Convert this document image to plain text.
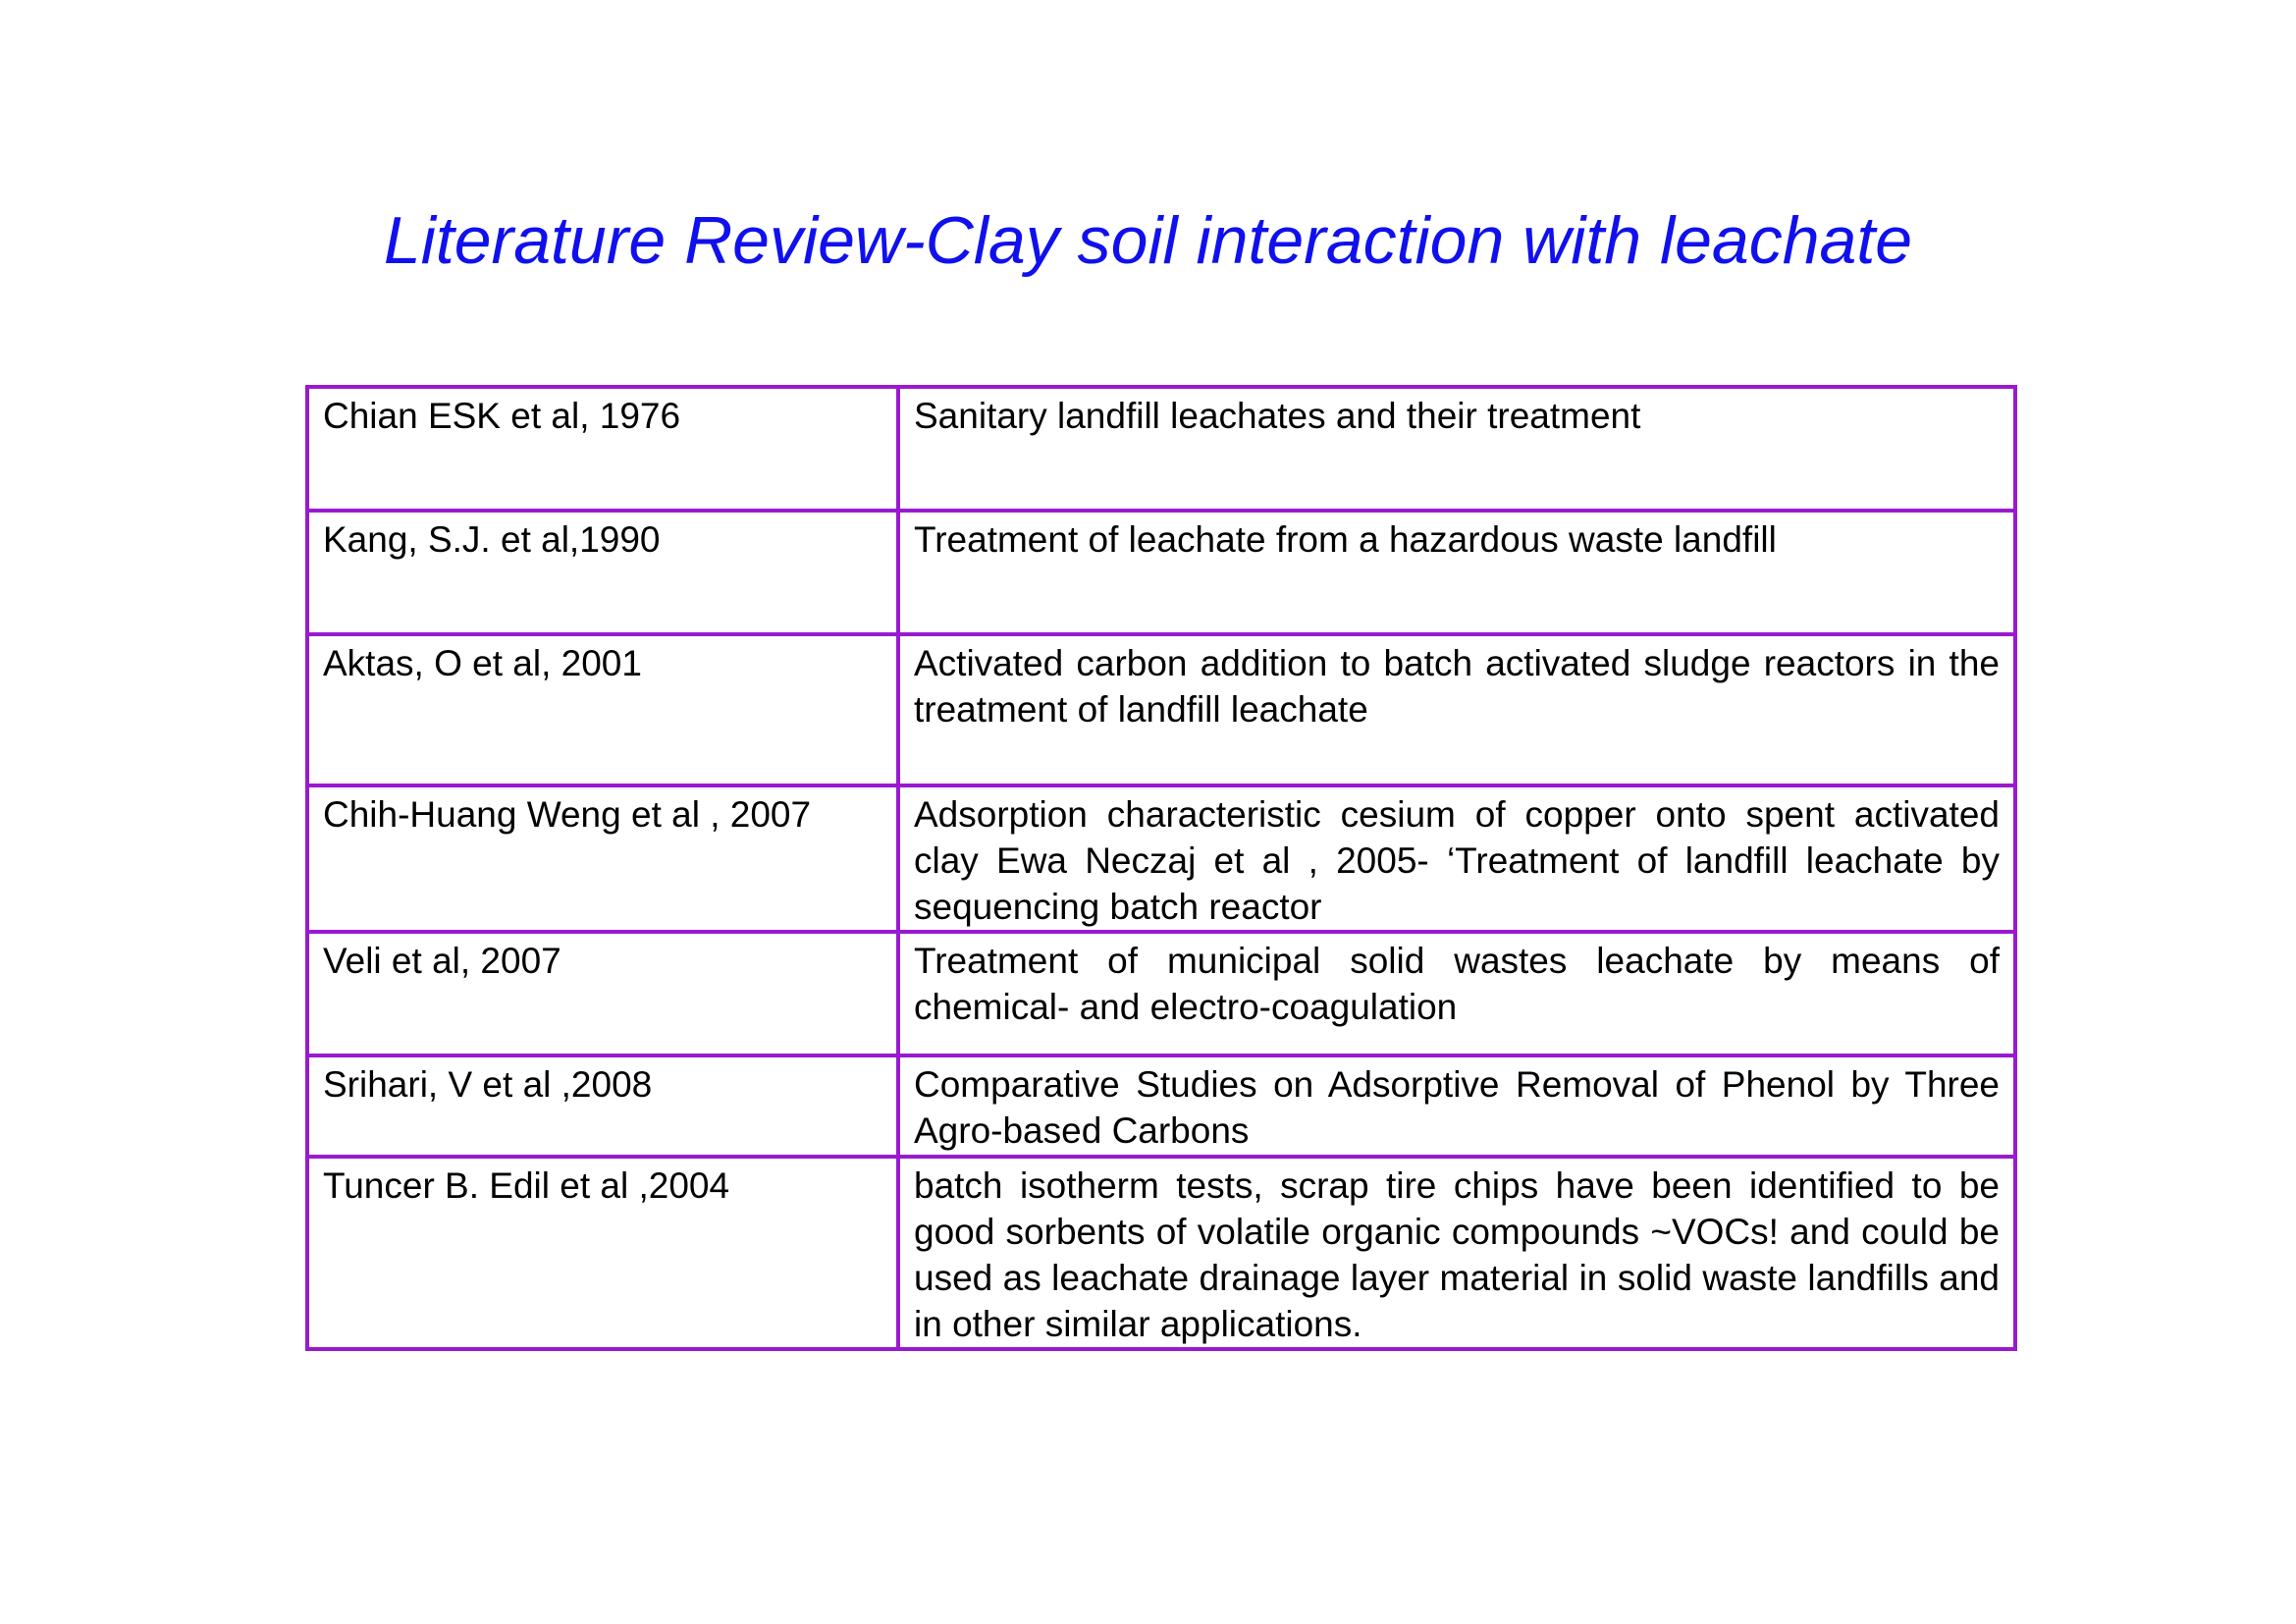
Literature Review-Clay soil interaction with leachate
Chian ESK et al, 1976	Sanitary landfill leachates and their treatment

Kang, S.J. et al,1990	Treatment of leachate from a hazardous waste landfill

Aktas, O et al, 2001	Activated carbon addition to batch activated sludge reactors in the treatment of landfill leachate

Chih-Huang Weng et al , 2007	Adsorption characteristic cesium of copper onto spent activated clay Ewa Neczaj et al , 2005- ‘Treatment of landfill leachate by sequencing batch reactor

Veli et al, 2007	Treatment of municipal solid wastes leachate by means of chemical- and electro-coagulation

Srihari, V et al ,2008	Comparative Studies on Adsorptive Removal of Phenol by Three Agro-based Carbons

Tuncer B. Edil et al ,2004	batch isotherm tests, scrap tire chips have been identified to be good sorbents of volatile organic compounds ~VOCs! and could be used as leachate drainage layer material in solid waste landfills and in other similar applications.
